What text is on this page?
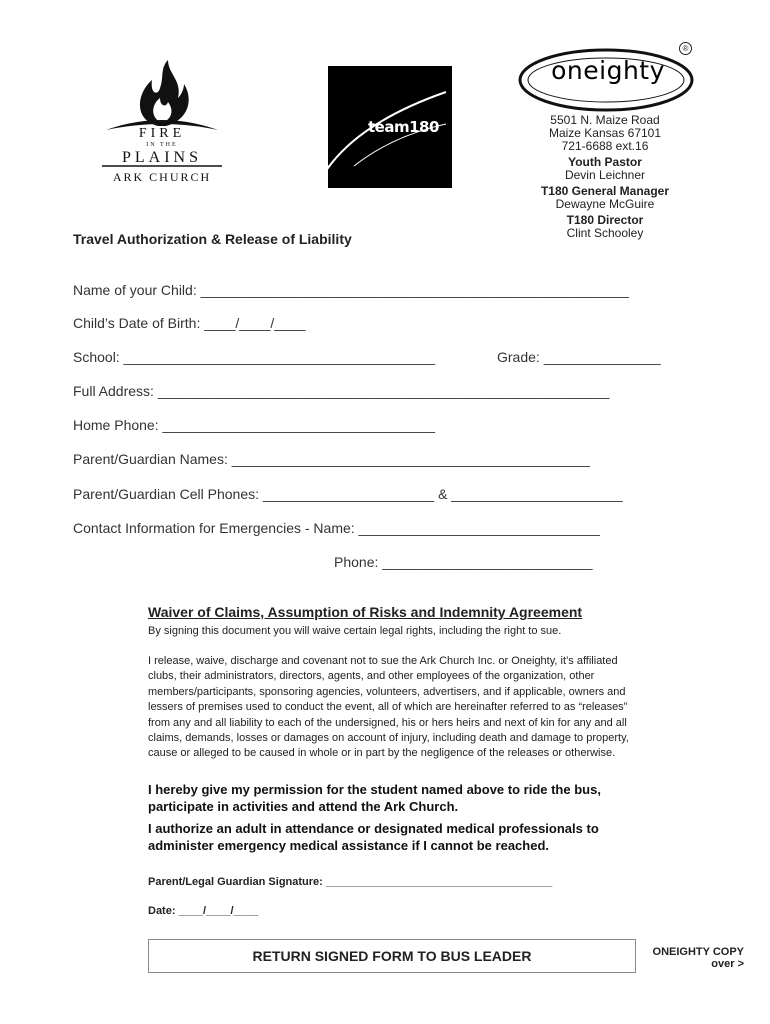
FIRE
IN THE
PLAINS
ARK CHURCH
team180
oneighty
®
5501 N. Maize Road
Maize Kansas 67101
721-6688 ext.16
Youth Pastor
Devin Leichner
T180 General Manager
Dewayne McGuire
T180 Director
Clint Schooley
Travel Authorization & Release of Liability
Name of your Child: _______________________________________________________
Child’s Date of Birth: ____/____/____
School: ________________________________________	Grade: _______________
Full Address: __________________________________________________________
Home Phone: ___________________________________
Parent/Guardian Names: ______________________________________________
Parent/Guardian Cell Phones: ______________________ & ______________________
Contact Information for Emergencies - Name: _______________________________
Phone: ___________________________
Waiver of Claims, Assumption of Risks and Indemnity Agreement
By signing this document you will waive certain legal rights, including the right to sue.
I release, waive, discharge and covenant not to sue the Ark Church Inc. or Oneighty, it’s affiliated clubs, their administrators, directors, agents, and other employees of the organization, other members/participants, sponsoring agencies, volunteers, advertisers, and if applicable, owners and lessers of premises used to conduct the event, all of which are hereinafter referred to as “releases” from any and all liability to each of the undersigned, his or hers heirs and next of kin for any and all claims, demands, losses or damages on account of injury, including death and damage to property, cause or alleged to be caused in whole or in part by the negligence of the releases or otherwise.
I hereby give my permission for the student named above to ride the bus, participate in activities and attend the Ark Church.
I authorize an adult in attendance or designated medical professionals to administer emergency medical assistance if I cannot be reached.
Parent/Legal Guardian Signature: _____________________________________
Date: ____/____/____
RETURN SIGNED FORM TO BUS LEADER	ONEIGHTY COPY
over >
